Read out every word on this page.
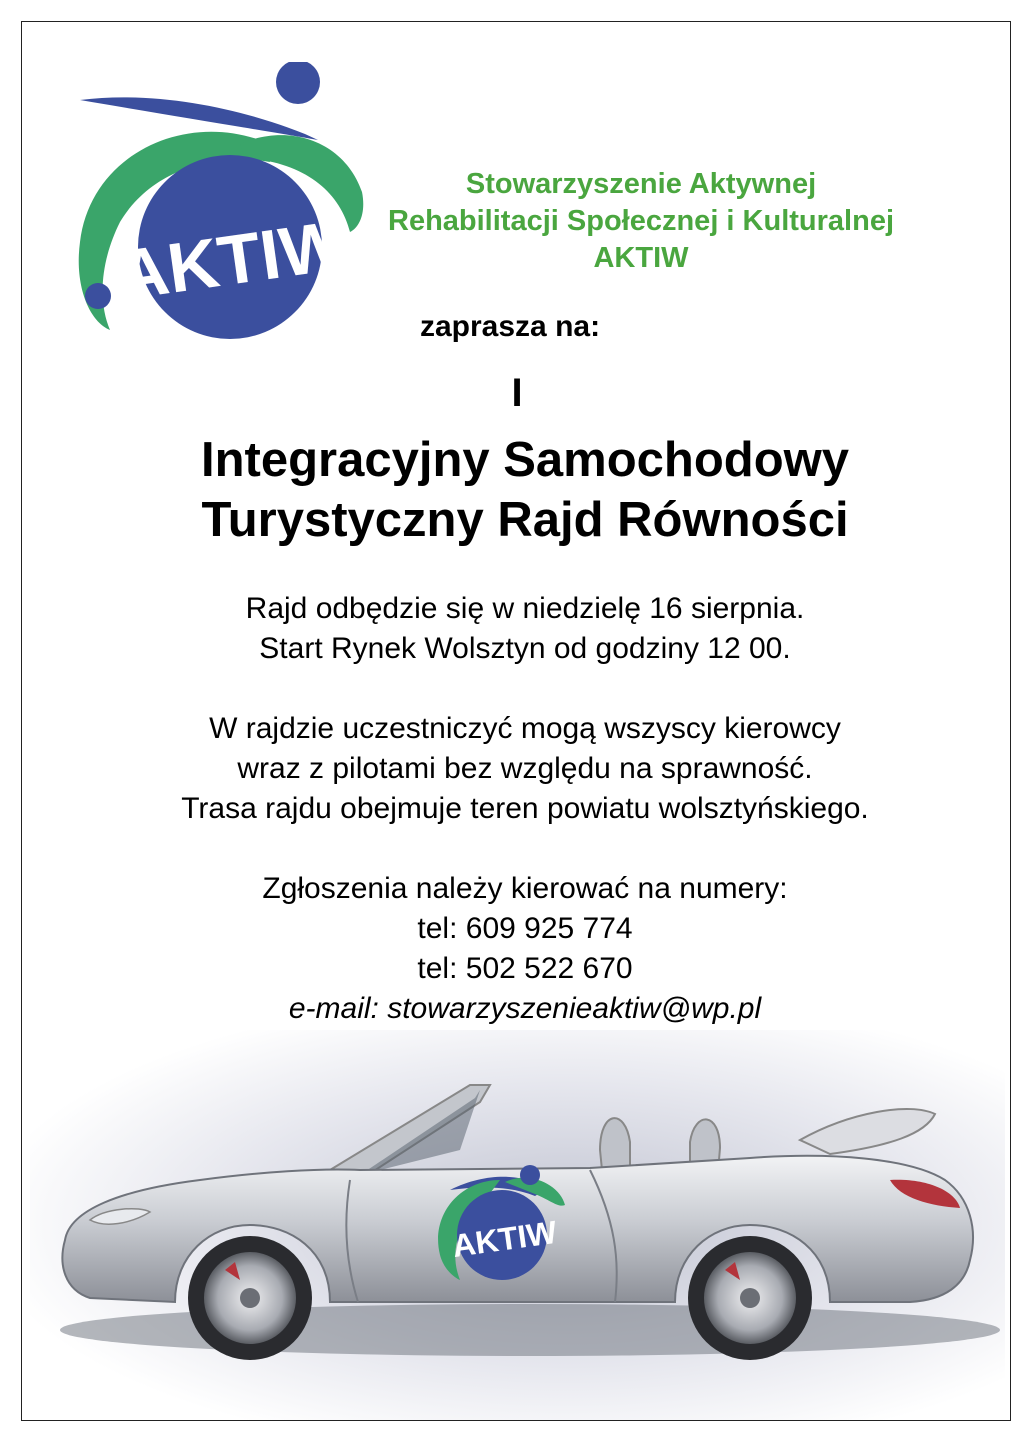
AKTIW
Stowarzyszenie Aktywnej
Rehabilitacji Społecznej i Kulturalnej
AKTIW
zaprasza na:
I
Integracyjny Samochodowy
Turystyczny Rajd Równości
Rajd odbędzie się w niedzielę 16 sierpnia.
Start Rynek Wolsztyn od godziny 12 00.
W rajdzie uczestniczyć mogą wszyscy kierowcy
wraz z pilotami bez względu na sprawność.
Trasa rajdu obejmuje teren powiatu wolsztyńskiego.
Zgłoszenia należy kierować na numery:
tel: 609 925 774
tel: 502 522 670
e-mail: stowarzyszenieaktiw@wp.pl
AKTIW
